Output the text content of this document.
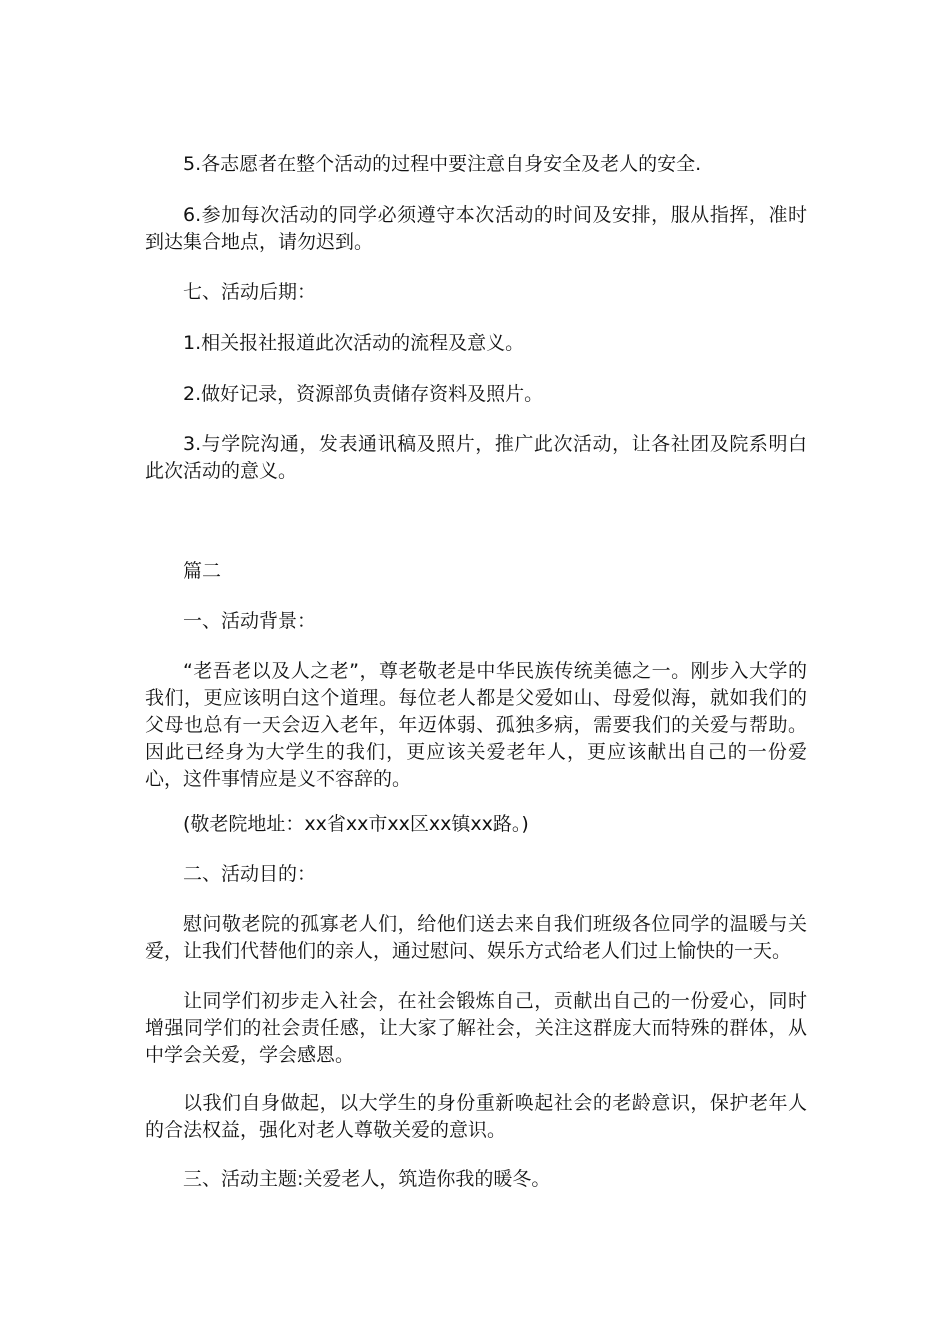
5.各志愿者在整个活动的过程中要注意自身安全及老人的安全.

6.参加每次活动的同学必须遵守本次活动的时间及安排，服从指挥，准时到达集合地点，请勿迟到。

七、活动后期：

1.相关报社报道此次活动的流程及意义。

2.做好记录，资源部负责储存资料及照片。

3.与学院沟通，发表通讯稿及照片，推广此次活动，让各社团及院系明白此次活动的意义。

篇二

一、活动背景：

“老吾老以及人之老”，尊老敬老是中华民族传统美德之一。刚步入大学的我们，更应该明白这个道理。每位老人都是父爱如山、母爱似海，就如我们的父母也总有一天会迈入老年，年迈体弱、孤独多病，需要我们的关爱与帮助。因此已经身为大学生的我们，更应该关爱老年人，更应该献出自己的一份爱心，这件事情应是义不容辞的。

(敬老院地址：xx省xx市xx区xx镇xx路。)

二、活动目的：

慰问敬老院的孤寡老人们，给他们送去来自我们班级各位同学的温暖与关爱，让我们代替他们的亲人，通过慰问、娱乐方式给老人们过上愉快的一天。

让同学们初步走入社会，在社会锻炼自己，贡献出自己的一份爱心，同时增强同学们的社会责任感，让大家了解社会，关注这群庞大而特殊的群体，从中学会关爱，学会感恩。

以我们自身做起，以大学生的身份重新唤起社会的老龄意识，保护老年人的合法权益，强化对老人尊敬关爱的意识。

三、活动主题:关爱老人，筑造你我的暖冬。
